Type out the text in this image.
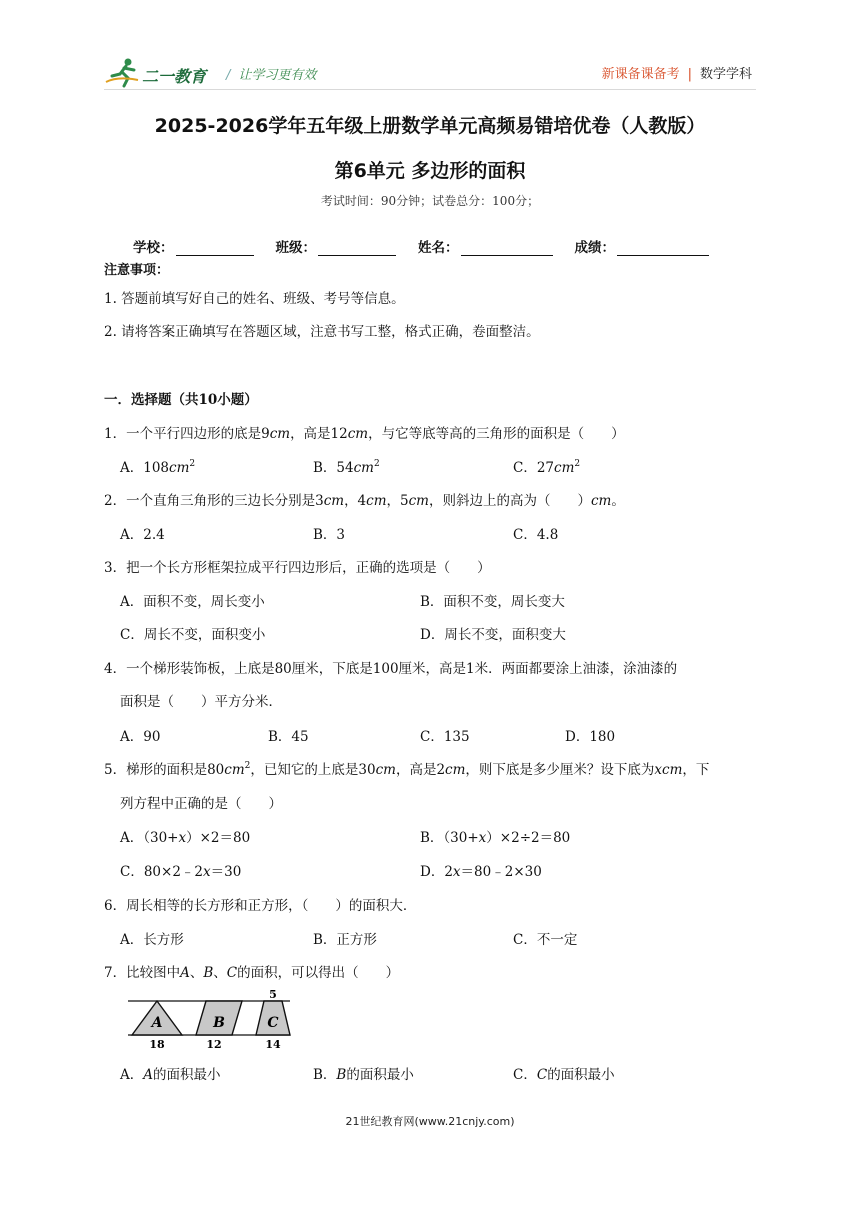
二一教育 / 让学习更有效	新课备课备考 | 数学学科
2025-2026学年五年级上册数学单元高频易错培优卷（人教版）
第6单元 多边形的面积
考试时间：90分钟；试卷总分：100分；
学校：	班级：	姓名：	成绩：
注意事项：
1. 答题前填写好自己的姓名、班级、考号等信息。
2. 请将答案正确填写在答题区域，注意书写工整，格式正确，卷面整洁。
一．选择题（共10小题）
1．一个平行四边形的底是9cm，高是12cm，与它等底等高的三角形的面积是（　　）
A．$108cm^2$	B．$54cm^2$	C．$27cm^2$
2．一个直角三角形的三边长分别是3cm，4cm，5cm，则斜边上的高为（　　）cm。
A．2.4	B．3	C．4.8
3．把一个长方形框架拉成平行四边形后，正确的选项是（　　）
A．面积不变，周长变小	B．面积不变，周长变大
C．周长不变，面积变小	D．周长不变，面积变大
4．一个梯形装饰板，上底是80厘米，下底是100厘米，高是1米．两面都要涂上油漆，涂油漆的
面积是（　　）平方分米．
A．90	B．45	C．135	D．180
5．梯形的面积是$80cm^2$，已知它的上底是30cm，高是2cm，则下底是多少厘米？设下底为xcm，下
列方程中正确的是（　　）
A．（30+x）×2＝80	B．（30+x）×2÷2＝80
C．80×2﹣2x＝30	D．2x＝80﹣2×30
6．周长相等的长方形和正方形，（　　）的面积大．
A．长方形	B．正方形	C．不一定
7．比较图中A、B、C的面积，可以得出（　　）
A	B	C
5
18	12	14
A．A的面积最小	B．B的面积最小	C．C的面积最小
21世纪教育网(www.21cnjy.com)
